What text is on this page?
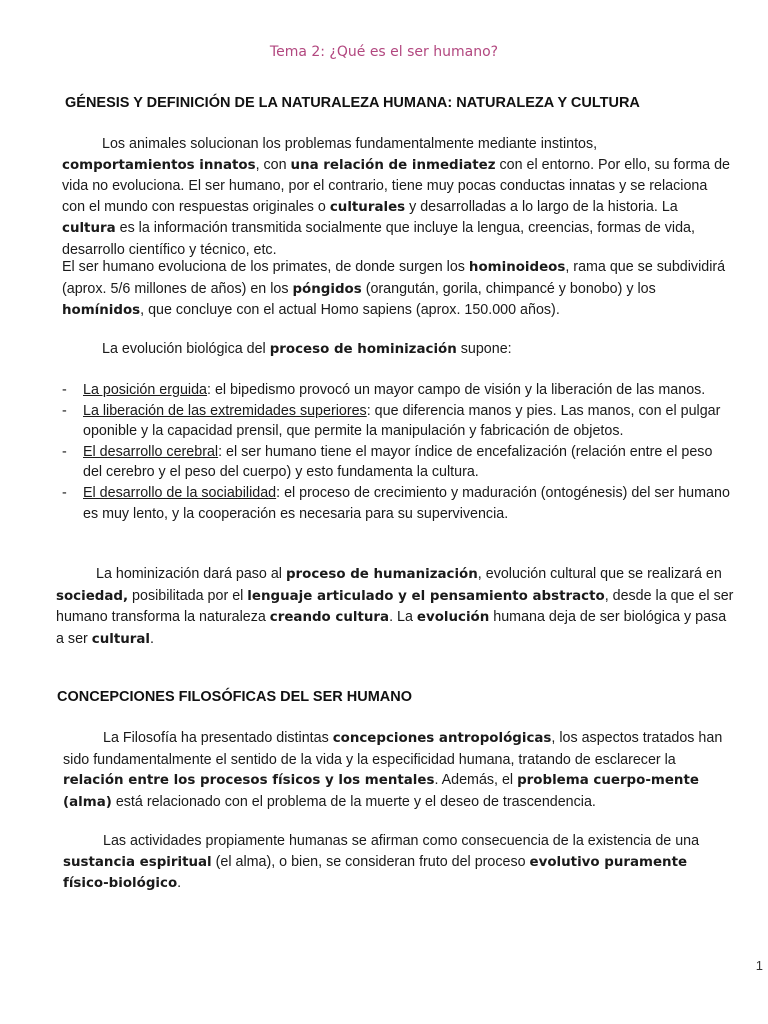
Tema 2: ¿Qué es el ser humano?
GÉNESIS Y DEFINICIÓN DE LA NATURALEZA HUMANA: NATURALEZA Y CULTURA

Los animales solucionan los problemas fundamentalmente mediante instintos,
comportamientos innatos, con una relación de inmediatez con el entorno. Por ello, su forma de vida no evoluciona. El ser humano, por el contrario, tiene muy pocas conductas innatas y se relaciona con el mundo con respuestas originales o culturales y desarrolladas a lo largo de la historia. La cultura es la información transmitida socialmente que incluye la lengua, creencias, formas de vida, desarrollo científico y técnico, etc.

El ser humano evoluciona de los primates, de donde surgen los hominoideos, rama que se subdividirá (aprox. 5/6 millones de años) en los póngidos (orangután, gorila, chimpancé y bonobo) y los homínidos, que concluye con el actual Homo sapiens (aprox. 150.000 años).

La evolución biológica del proceso de hominización supone:

- La posición erguida: el bipedismo provocó un mayor campo de visión y la liberación de las manos.
- La liberación de las extremidades superiores: que diferencia manos y pies. Las manos, con el pulgar oponible y la capacidad prensil, que permite la manipulación y fabricación de objetos.
- El desarrollo cerebral: el ser humano tiene el mayor índice de encefalización (relación entre el peso del cerebro y el peso del cuerpo) y esto fundamenta la cultura.
- El desarrollo de la sociabilidad: el proceso de crecimiento y maduración (ontogénesis) del ser humano es muy lento, y la cooperación es necesaria para su supervivencia.

La hominización dará paso al proceso de humanización, evolución cultural que se realizará en sociedad, posibilitada por el lenguaje articulado y el pensamiento abstracto, desde la que el ser humano transforma la naturaleza creando cultura. La evolución humana deja de ser biológica y pasa a ser cultural.

CONCEPCIONES FILOSÓFICAS DEL SER HUMANO

La Filosofía ha presentado distintas concepciones antropológicas, los aspectos tratados han sido fundamentalmente el sentido de la vida y la especificidad humana, tratando de esclarecer la relación entre los procesos físicos y los mentales. Además, el problema cuerpo-mente (alma) está relacionado con el problema de la muerte y el deseo de trascendencia.

Las actividades propiamente humanas se afirman como consecuencia de la existencia de una sustancia espiritual (el alma), o bien, se consideran fruto del proceso evolutivo puramente físico-biológico.

1
